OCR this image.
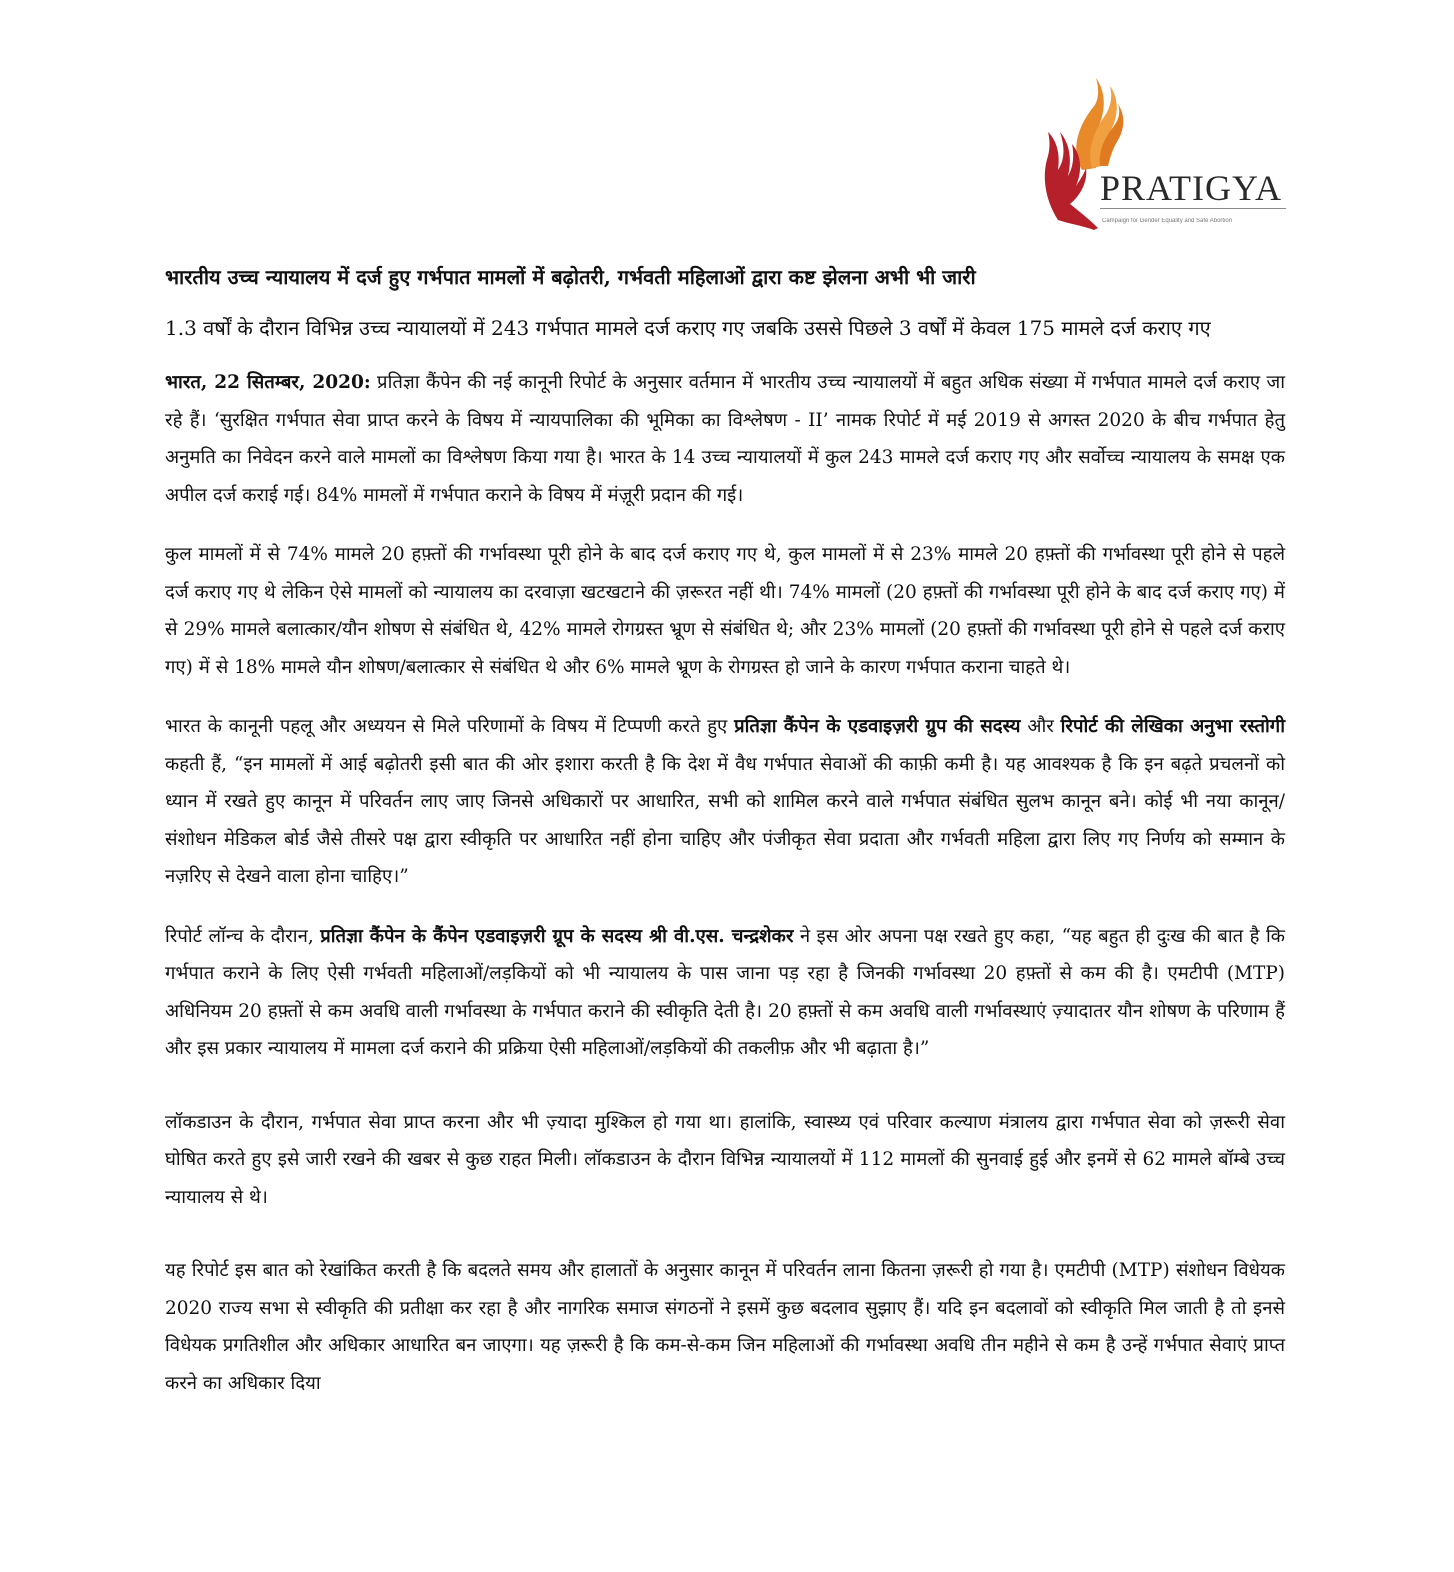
PRATIGYA
Campaign for Gender Equality and Safe Abortion
भारतीय उच्च न्यायालय में दर्ज हुए गर्भपात मामलों में बढ़ोतरी, गर्भवती महिलाओं द्वारा कष्ट झेलना अभी भी जारी
1.3 वर्षों के दौरान विभिन्न उच्च न्यायालयों में 243 गर्भपात मामले दर्ज कराए गए जबकि उससे पिछले 3 वर्षों में केवल 175 मामले दर्ज कराए गए

भारत, 22 सितम्बर, 2020: प्रतिज्ञा कैंपेन की नई कानूनी रिपोर्ट के अनुसार वर्तमान में भारतीय उच्च न्यायालयों में बहुत अधिक संख्या में गर्भपात मामले दर्ज कराए जा रहे हैं। ‘सुरक्षित गर्भपात सेवा प्राप्त करने के विषय में न्यायपालिका की भूमिका का विश्लेषण - II’ नामक रिपोर्ट में मई 2019 से अगस्त 2020 के बीच गर्भपात हेतु अनुमति का निवेदन करने वाले मामलों का विश्लेषण किया गया है। भारत के 14 उच्च न्यायालयों में कुल 243 मामले दर्ज कराए गए और सर्वोच्च न्यायालय के समक्ष एक अपील दर्ज कराई गई। 84% मामलों में गर्भपात कराने के विषय में मंज़ूरी प्रदान की गई।

कुल मामलों में से 74% मामले 20 हफ़्तों की गर्भावस्था पूरी होने के बाद दर्ज कराए गए थे, कुल मामलों में से 23% मामले 20 हफ़्तों की गर्भावस्था पूरी होने से पहले दर्ज कराए गए थे लेकिन ऐसे मामलों को न्यायालय का दरवाज़ा खटखटाने की ज़रूरत नहीं थी। 74% मामलों (20 हफ़्तों की गर्भावस्था पूरी होने के बाद दर्ज कराए गए) में से 29% मामले बलात्कार/यौन शोषण से संबंधित थे, 42% मामले रोगग्रस्त भ्रूण से संबंधित थे; और 23% मामलों (20 हफ़्तों की गर्भावस्था पूरी होने से पहले दर्ज कराए गए) में से 18% मामले यौन शोषण/बलात्कार से संबंधित थे और 6% मामले भ्रूण के रोगग्रस्त हो जाने के कारण गर्भपात कराना चाहते थे।

भारत के कानूनी पहलू और अध्ययन से मिले परिणामों के विषय में टिप्पणी करते हुए प्रतिज्ञा कैंपेन के एडवाइज़री ग्रुप की सदस्य और रिपोर्ट की लेखिका अनुभा रस्तोगी कहती हैं, “इन मामलों में आई बढ़ोतरी इसी बात की ओर इशारा करती है कि देश में वैध गर्भपात सेवाओं की काफ़ी कमी है। यह आवश्यक है कि इन बढ़ते प्रचलनों को ध्यान में रखते हुए कानून में परिवर्तन लाए जाए जिनसे अधिकारों पर आधारित, सभी को शामिल करने वाले गर्भपात संबंधित सुलभ कानून बने। कोई भी नया कानून/संशोधन मेडिकल बोर्ड जैसे तीसरे पक्ष द्वारा स्वीकृति पर आधारित नहीं होना चाहिए और पंजीकृत सेवा प्रदाता और गर्भवती महिला द्वारा लिए गए निर्णय को सम्मान के नज़रिए से देखने वाला होना चाहिए।”

रिपोर्ट लॉन्च के दौरान, प्रतिज्ञा कैंपेन के कैंपेन एडवाइज़री ग्रूप के सदस्य श्री वी.एस. चन्द्रशेकर ने इस ओर अपना पक्ष रखते हुए कहा, “यह बहुत ही दुःख की बात है कि गर्भपात कराने के लिए ऐसी गर्भवती महिलाओं/लड़कियों को भी न्यायालय के पास जाना पड़ रहा है जिनकी गर्भावस्था 20 हफ़्तों से कम की है। एमटीपी (MTP) अधिनियम 20 हफ़्तों से कम अवधि वाली गर्भावस्था के गर्भपात कराने की स्वीकृति देती है। 20 हफ़्तों से कम अवधि वाली गर्भावस्थाएं ज़्यादातर यौन शोषण के परिणाम हैं और इस प्रकार न्यायालय में मामला दर्ज कराने की प्रक्रिया ऐसी महिलाओं/लड़कियों की तकलीफ़ और भी बढ़ाता है।”

लॉकडाउन के दौरान, गर्भपात सेवा प्राप्त करना और भी ज़्यादा मुश्किल हो गया था। हालांकि, स्वास्थ्य एवं परिवार कल्याण मंत्रालय द्वारा गर्भपात सेवा को ज़रूरी सेवा घोषित करते हुए इसे जारी रखने की खबर से कुछ राहत मिली। लॉकडाउन के दौरान विभिन्न न्यायालयों में 112 मामलों की सुनवाई हुई और इनमें से 62 मामले बॉम्बे उच्च न्यायालय से थे।

यह रिपोर्ट इस बात को रेखांकित करती है कि बदलते समय और हालातों के अनुसार कानून में परिवर्तन लाना कितना ज़रूरी हो गया है। एमटीपी (MTP) संशोधन विधेयक 2020 राज्य सभा से स्वीकृति की प्रतीक्षा कर रहा है और नागरिक समाज संगठनों ने इसमें कुछ बदलाव सुझाए हैं। यदि इन बदलावों को स्वीकृति मिल जाती है तो इनसे विधेयक प्रगतिशील और अधिकार आधारित बन जाएगा। यह ज़रूरी है कि कम-से-कम जिन महिलाओं की गर्भावस्था अवधि तीन महीने से कम है उन्हें गर्भपात सेवाएं प्राप्त करने का अधिकार दिया
